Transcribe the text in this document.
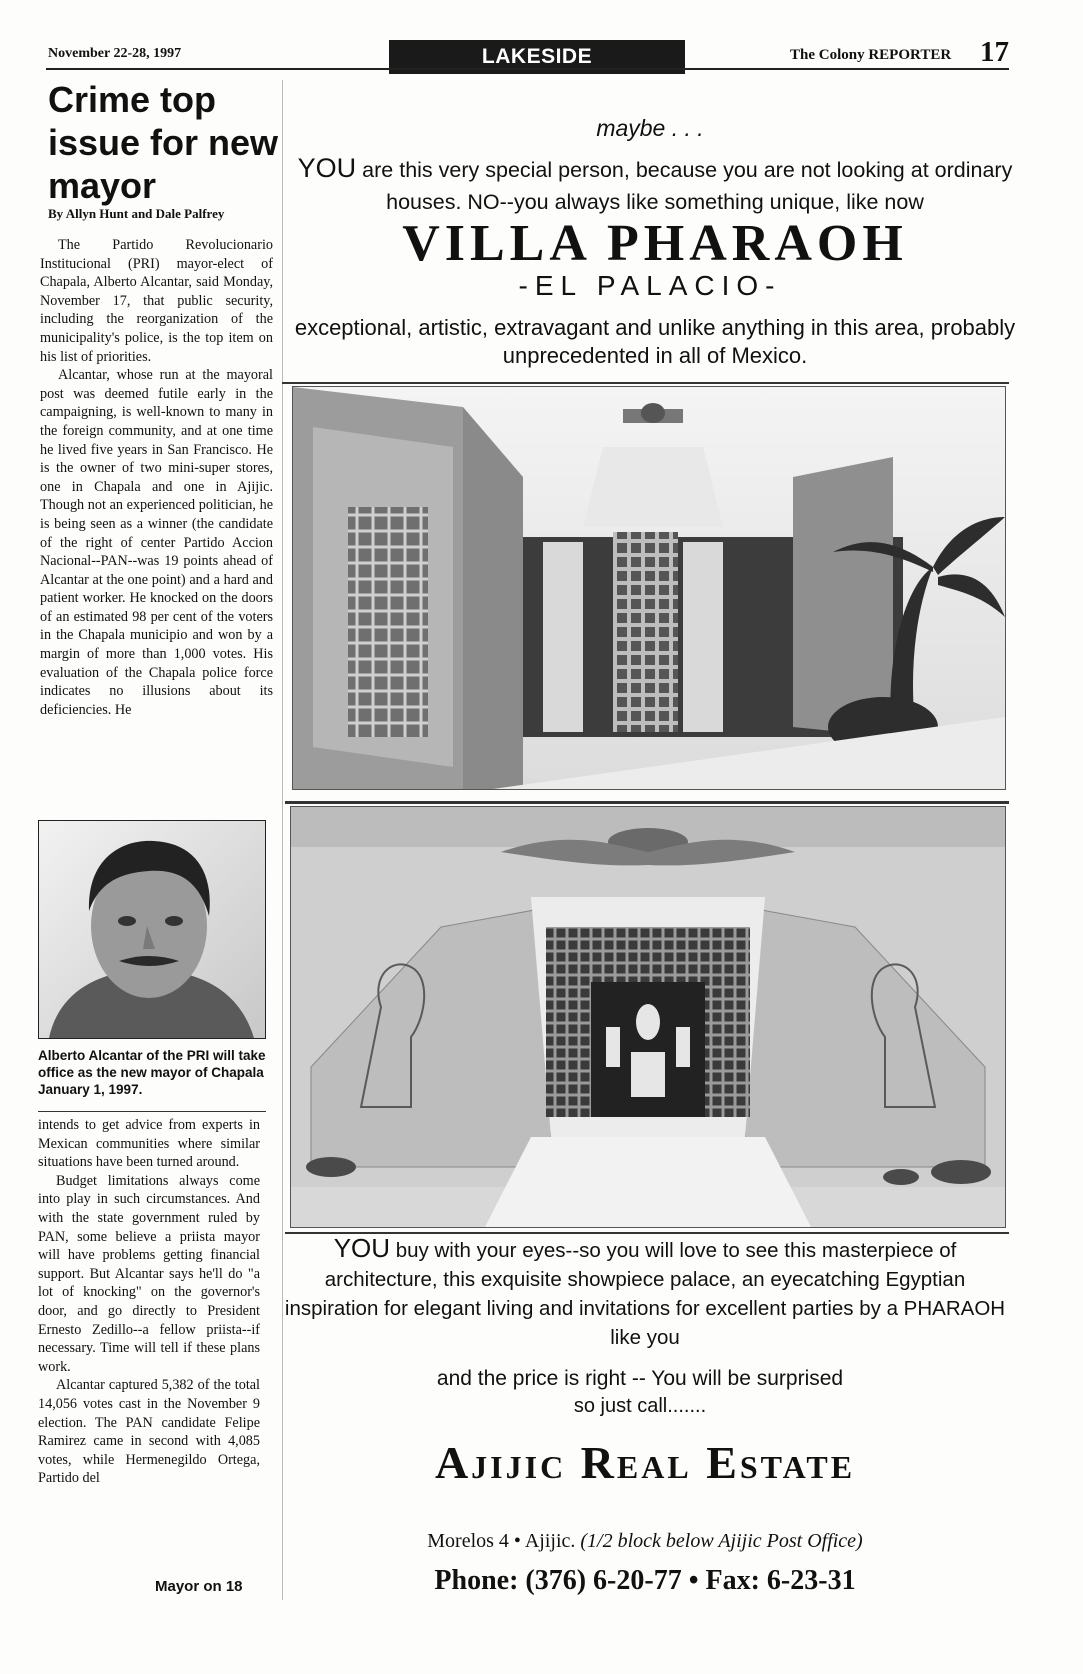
November 22-28, 1997	LAKESIDE	The Colony REPORTER 17
Crime top issue for new mayor
By Allyn Hunt and Dale Palfrey

The Partido Revolucionario Institucional (PRI) mayor-elect of Chapala, Alberto Alcantar, said Monday, November 17, that public security, including the reorganization of the municipality's police, is the top item on his list of priorities.

Alcantar, whose run at the mayoral post was deemed futile early in the campaigning, is well-known to many in the foreign community, and at one time he lived five years in San Francisco. He is the owner of two mini-super stores, one in Chapala and one in Ajijic. Though not an experienced politician, he is being seen as a winner (the candidate of the right of center Partido Accion Nacional--PAN--was 19 points ahead of Alcantar at the one point) and a hard and patient worker. He knocked on the doors of an estimated 98 per cent of the voters in the Chapala municipio and won by a margin of more than 1,000 votes. His evaluation of the Chapala police force indicates no illusions about its deficiencies. He

Alberto Alcantar of the PRI will take office as the new mayor of Chapala January 1, 1997.

intends to get advice from experts in Mexican communities where similar situations have been turned around.

Budget limitations always come into play in such circumstances. And with the state government ruled by PAN, some believe a priista mayor will have problems getting financial support. But Alcantar says he'll do "a lot of knocking" on the governor's door, and go directly to President Ernesto Zedillo--a fellow priista--if necessary. Time will tell if these plans work.

Alcantar captured 5,382 of the total 14,056 votes cast in the November 9 election. The PAN candidate Felipe Ramirez came in second with 4,085 votes, while Hermenegildo Ortega, Partido del

Mayor on 18
maybe . . .
YOU are this very special person, because you are not looking at ordinary houses. NO--you always like something unique, like now
VILLA PHARAOH
-EL PALACIO-
exceptional, artistic, extravagant and unlike anything in this area, probably unprecedented in all of Mexico.
YOU buy with your eyes--so you will love to see this masterpiece of architecture, this exquisite showpiece palace, an eyecatching Egyptian inspiration for elegant living and invitations for excellent parties by a PHARAOH like you
and the price is right -- You will be surprised
so just call.......
Ajijic Real Estate
Morelos 4 • Ajijic. (1/2 block below Ajijic Post Office)
Phone: (376) 6-20-77 • Fax: 6-23-31
